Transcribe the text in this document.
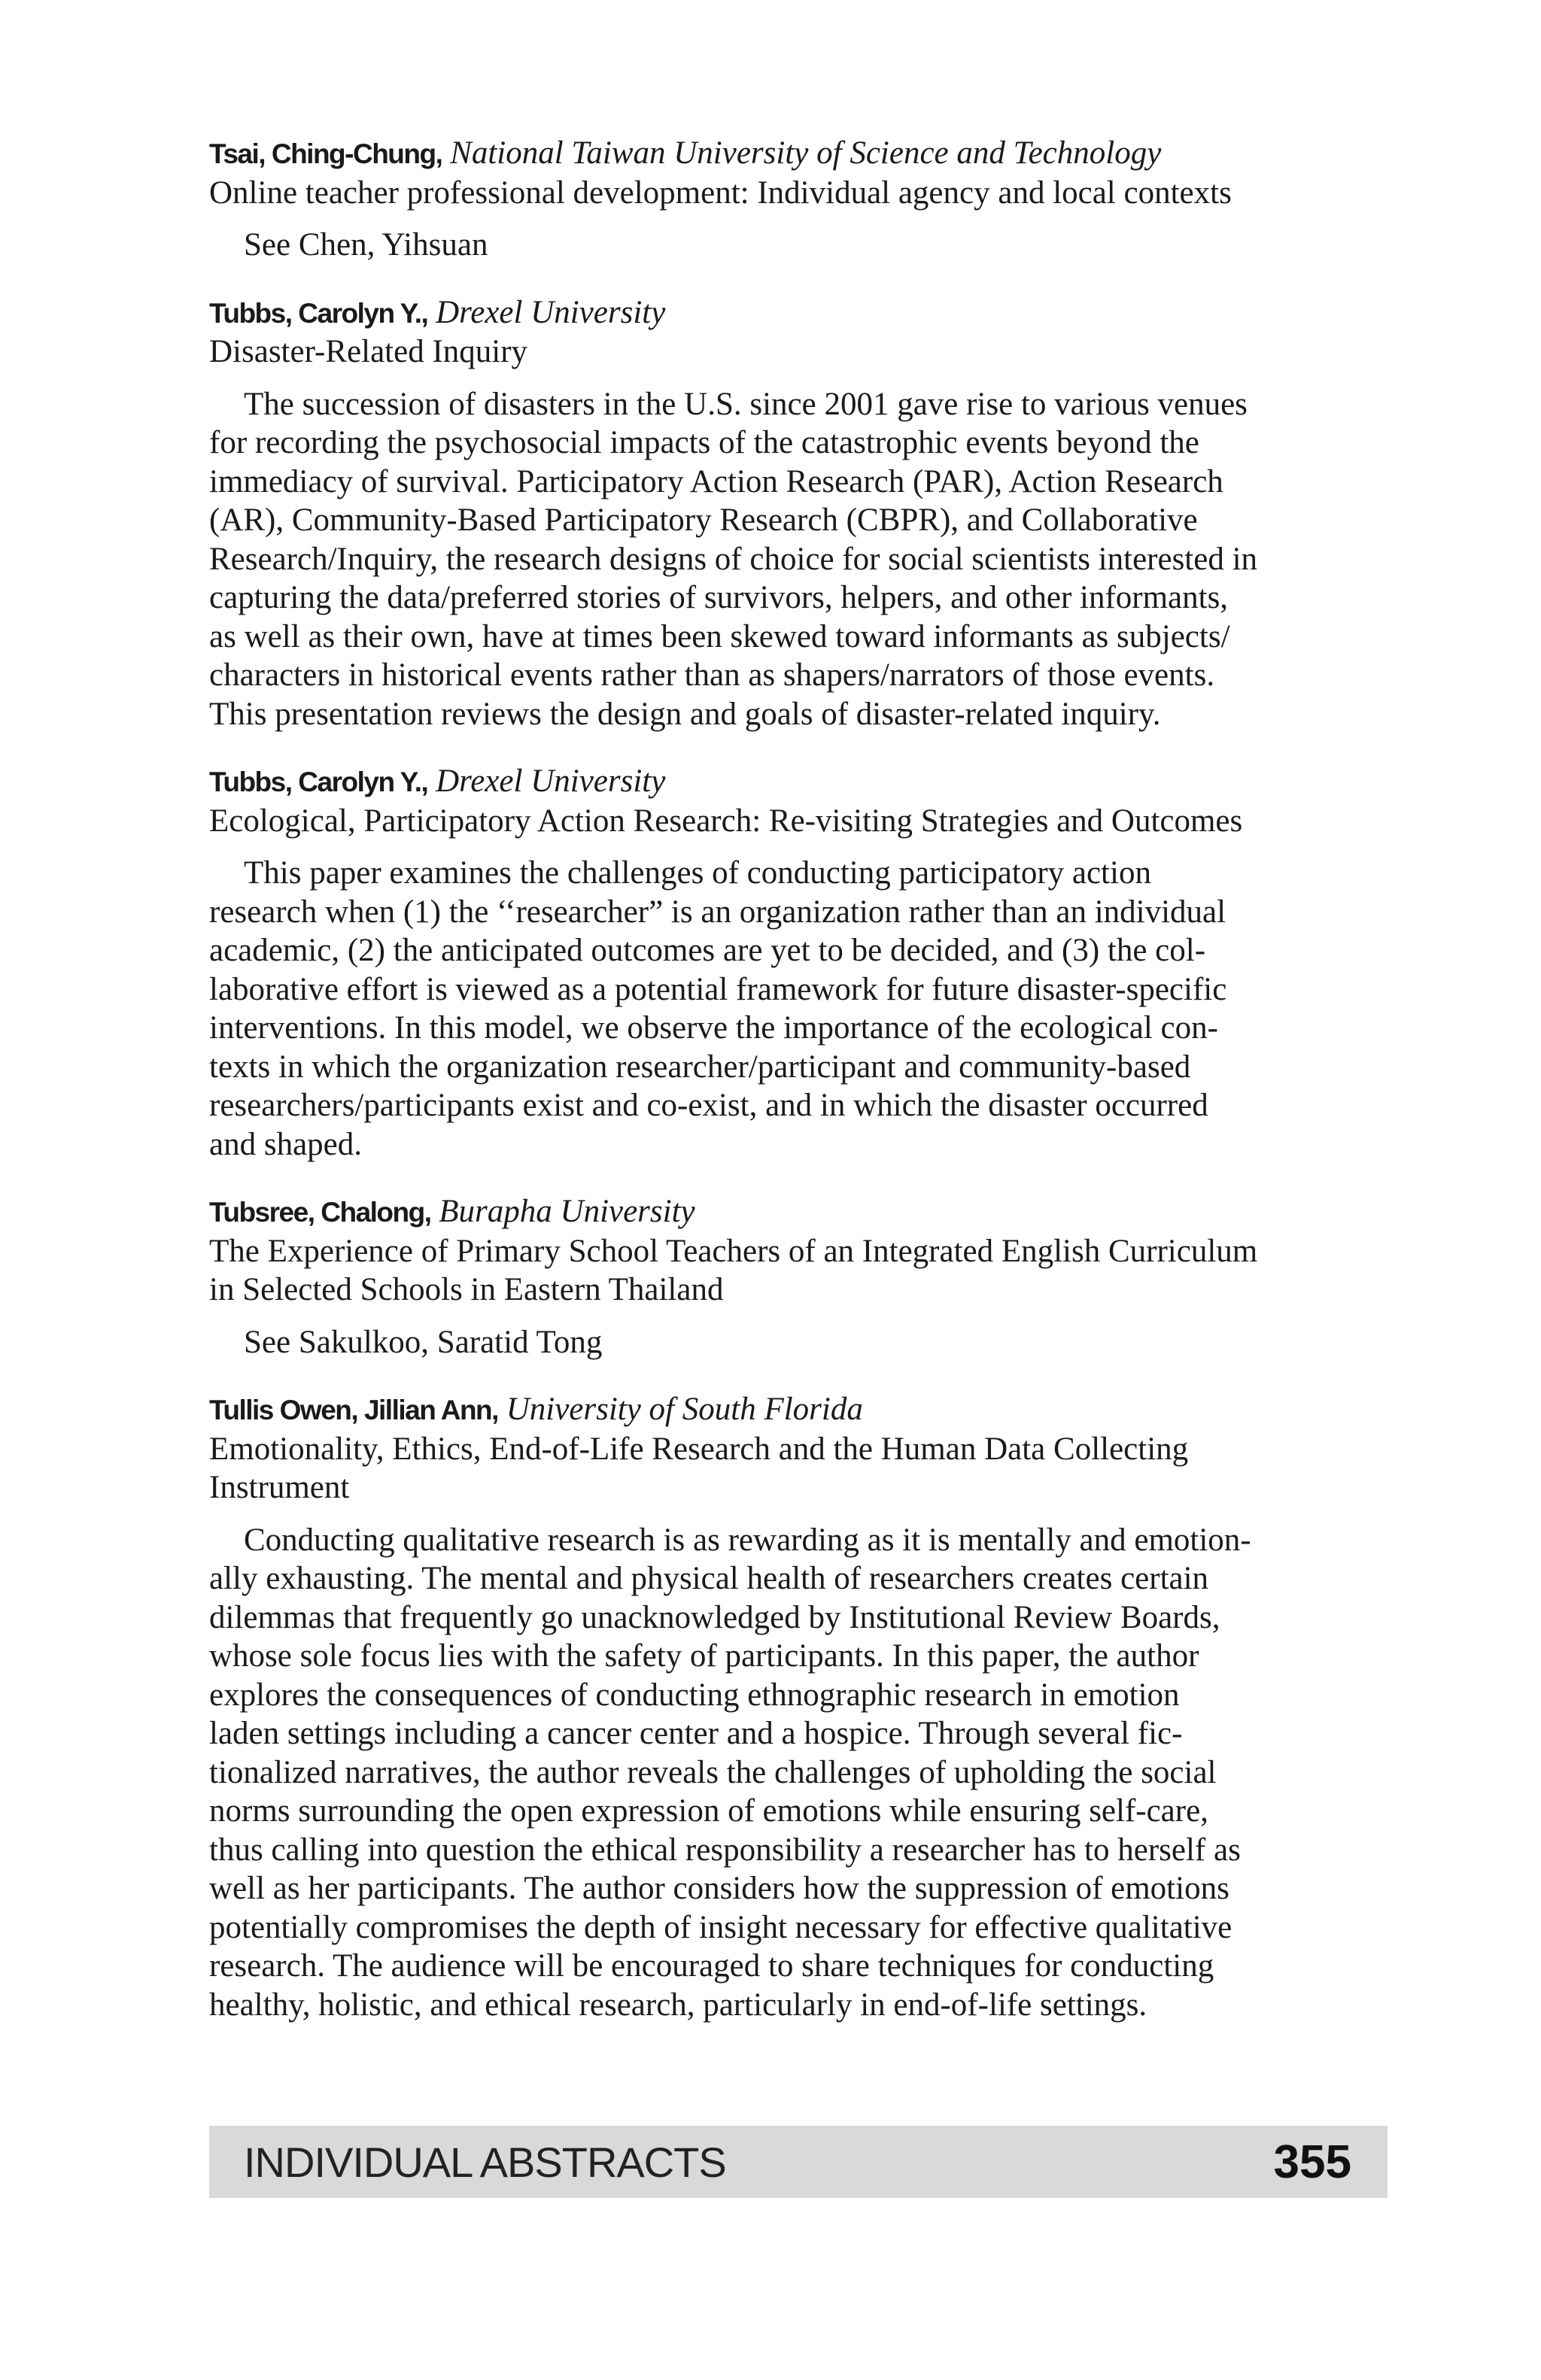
Tsai, Ching-Chung, National Taiwan University of Science and Technology

Online teacher professional development: Individual agency and local contexts

See Chen, Yihsuan

Tubbs, Carolyn Y., Drexel University

Disaster-Related Inquiry

The succession of disasters in the U.S. since 2001 gave rise to various venues
for recording the psychosocial impacts of the catastrophic events beyond the
immediacy of survival. Participatory Action Research (PAR), Action Research
(AR), Community-Based Participatory Research (CBPR), and Collaborative
Research/Inquiry, the research designs of choice for social scientists interested in
capturing the data/preferred stories of survivors, helpers, and other informants,
as well as their own, have at times been skewed toward informants as subjects/
characters in historical events rather than as shapers/narrators of those events.
This presentation reviews the design and goals of disaster-related inquiry.

Tubbs, Carolyn Y., Drexel University

Ecological, Participatory Action Research: Re-visiting Strategies and Outcomes

This paper examines the challenges of conducting participatory action
research when (1) the ‘‘researcher” is an organization rather than an individual
academic, (2) the anticipated outcomes are yet to be decided, and (3) the col-
laborative effort is viewed as a potential framework for future disaster-specific
interventions. In this model, we observe the importance of the ecological con-
texts in which the organization researcher/participant and community-based
researchers/participants exist and co-exist, and in which the disaster occurred
and shaped.

Tubsree, Chalong, Burapha University

The Experience of Primary School Teachers of an Integrated English Curriculum
in Selected Schools in Eastern Thailand

See Sakulkoo, Saratid Tong

Tullis Owen, Jillian Ann, University of South Florida

Emotionality, Ethics, End-of-Life Research and the Human Data Collecting
Instrument

Conducting qualitative research is as rewarding as it is mentally and emotion-
ally exhausting. The mental and physical health of researchers creates certain
dilemmas that frequently go unacknowledged by Institutional Review Boards,
whose sole focus lies with the safety of participants. In this paper, the author
explores the consequences of conducting ethnographic research in emotion
laden settings including a cancer center and a hospice. Through several fic-
tionalized narratives, the author reveals the challenges of upholding the social
norms surrounding the open expression of emotions while ensuring self-care,
thus calling into question the ethical responsibility a researcher has to herself as
well as her participants. The author considers how the suppression of emotions
potentially compromises the depth of insight necessary for effective qualitative
research. The audience will be encouraged to share techniques for conducting
healthy, holistic, and ethical research, particularly in end-of-life settings.

INDIVIDUAL ABSTRACTS	355
